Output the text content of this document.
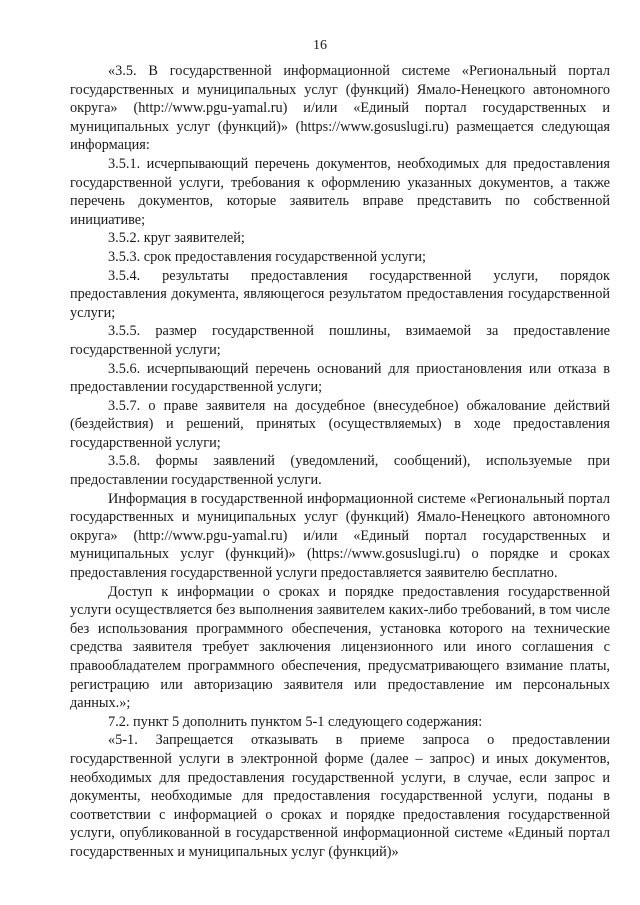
16

«3.5. В государственной информационной системе «Региональный портал государственных и муниципальных услуг (функций) Ямало-Ненецкого автономного округа» (http://www.pgu-yamal.ru) и/или «Единый портал государственных и муниципальных услуг (функций)» (https://www.gosuslugi.ru) размещается следующая информация:

3.5.1. исчерпывающий перечень документов, необходимых для предоставления государственной услуги, требования к оформлению указанных документов, а также перечень документов, которые заявитель вправе представить по собственной инициативе;

3.5.2. круг заявителей;

3.5.3. срок предоставления государственной услуги;

3.5.4. результаты предоставления государственной услуги, порядок предоставления документа, являющегося результатом предоставления государственной услуги;

3.5.5. размер государственной пошлины, взимаемой за предоставление государственной услуги;

3.5.6. исчерпывающий перечень оснований для приостановления или отказа в предоставлении государственной услуги;

3.5.7. о праве заявителя на досудебное (внесудебное) обжалование действий (бездействия) и решений, принятых (осуществляемых) в ходе предоставления государственной услуги;

3.5.8. формы заявлений (уведомлений, сообщений), используемые при предоставлении государственной услуги.

Информация в государственной информационной системе «Региональный портал государственных и муниципальных услуг (функций) Ямало-Ненецкого автономного округа» (http://www.pgu-yamal.ru) и/или «Единый портал государственных и муниципальных услуг (функций)» (https://www.gosuslugi.ru) о порядке и сроках предоставления государственной услуги предоставляется заявителю бесплатно.

Доступ к информации о сроках и порядке предоставления государственной услуги осуществляется без выполнения заявителем каких-либо требований, в том числе без использования программного обеспечения, установка которого на технические средства заявителя требует заключения лицензионного или иного соглашения с правообладателем программного обеспечения, предусматривающего взимание платы, регистрацию или авторизацию заявителя или предоставление им персональных данных.»;

7.2. пункт 5 дополнить пунктом 5-1 следующего содержания:

«5-1. Запрещается отказывать в приеме запроса о предоставлении государственной услуги в электронной форме (далее – запрос) и иных документов, необходимых для предоставления государственной услуги, в случае, если запрос и документы, необходимые для предоставления государственной услуги, поданы в соответствии с информацией о сроках и порядке предоставления государственной услуги, опубликованной в государственной информационной системе «Единый портал государственных и муниципальных услуг (функций)»
